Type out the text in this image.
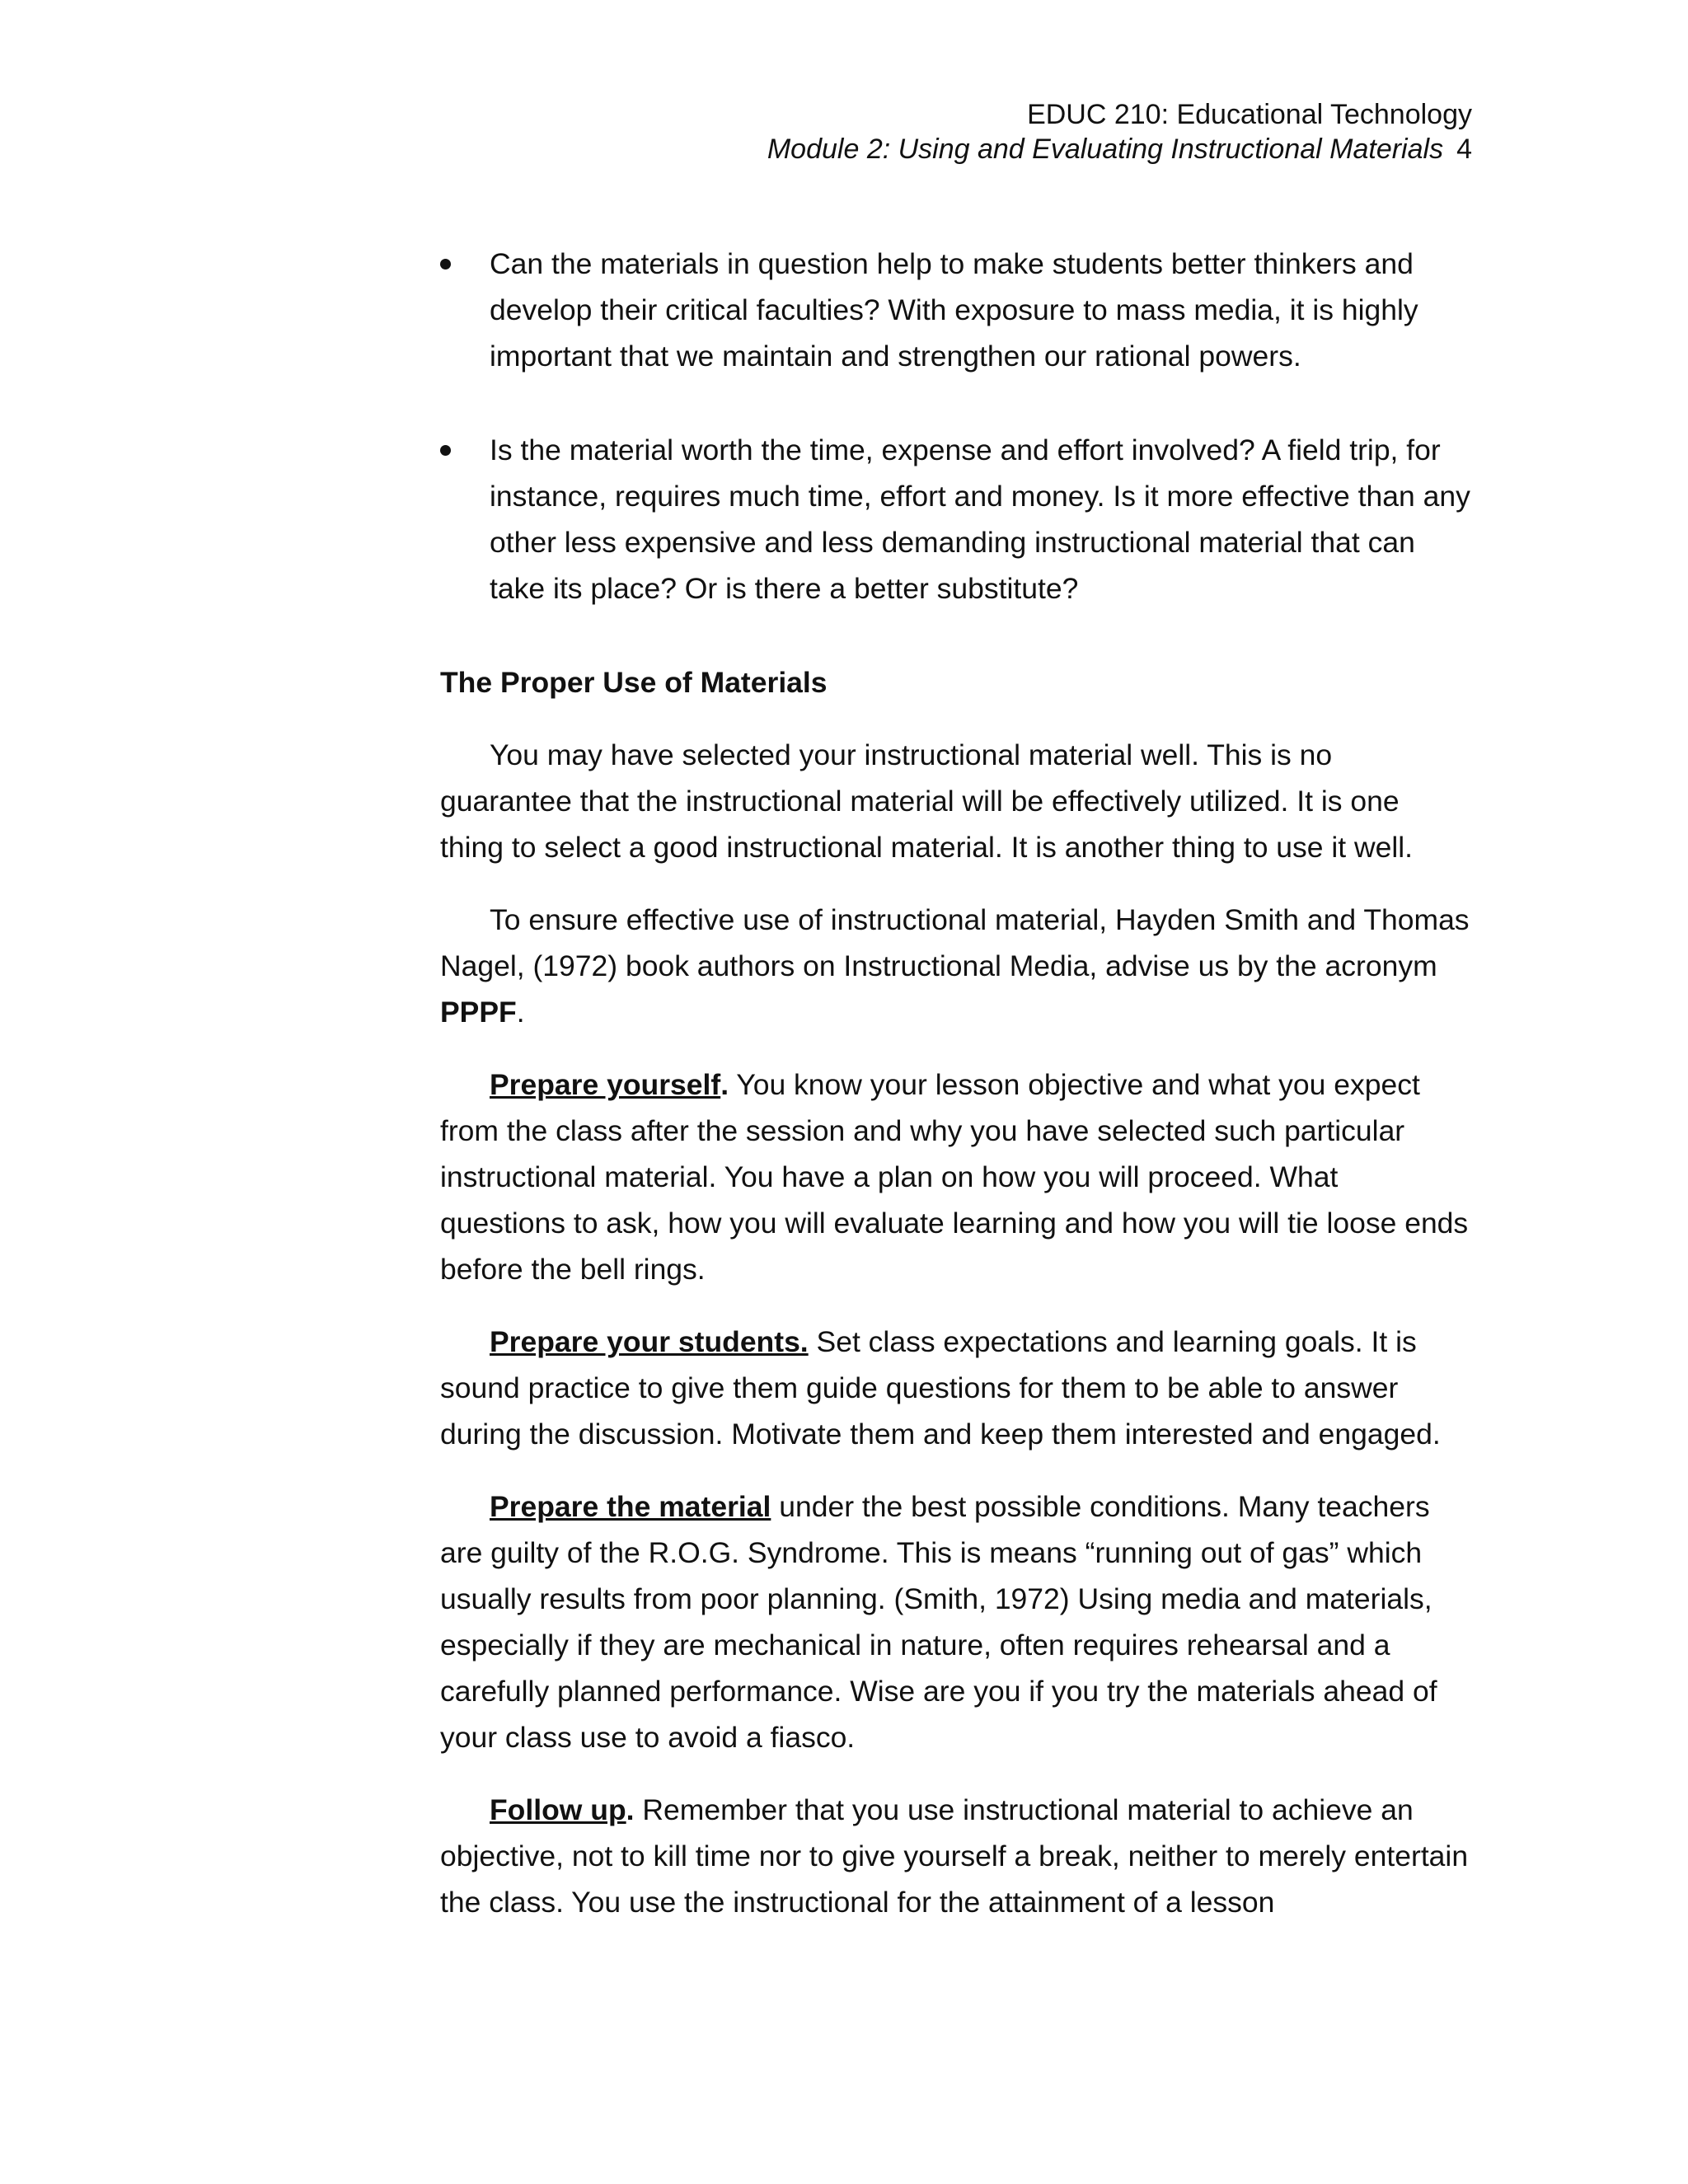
EDUC 210: Educational Technology
Module 2: Using and Evaluating Instructional Materials 4
Can the materials in question help to make students better thinkers and develop their critical faculties? With exposure to mass media, it is highly important that we maintain and strengthen our rational powers.
Is the material worth the time, expense and effort involved? A field trip, for instance, requires much time, effort and money. Is it more effective than any other less expensive and less demanding instructional material that can take its place? Or is there a better substitute?
The Proper Use of Materials

You may have selected your instructional material well. This is no guarantee that the instructional material will be effectively utilized. It is one thing to select a good instructional material. It is another thing to use it well.

To ensure effective use of instructional material, Hayden Smith and Thomas Nagel, (1972) book authors on Instructional Media, advise us by the acronym PPPF.

Prepare yourself. You know your lesson objective and what you expect from the class after the session and why you have selected such particular instructional material. You have a plan on how you will proceed. What questions to ask, how you will evaluate learning and how you will tie loose ends before the bell rings.

Prepare your students. Set class expectations and learning goals. It is sound practice to give them guide questions for them to be able to answer during the discussion. Motivate them and keep them interested and engaged.

Prepare the material under the best possible conditions. Many teachers are guilty of the R.O.G. Syndrome. This is means “running out of gas” which usually results from poor planning. (Smith, 1972) Using media and materials, especially if they are mechanical in nature, often requires rehearsal and a carefully planned performance. Wise are you if you try the materials ahead of your class use to avoid a fiasco.

Follow up. Remember that you use instructional material to achieve an objective, not to kill time nor to give yourself a break, neither to merely entertain the class. You use the instructional for the attainment of a lesson
